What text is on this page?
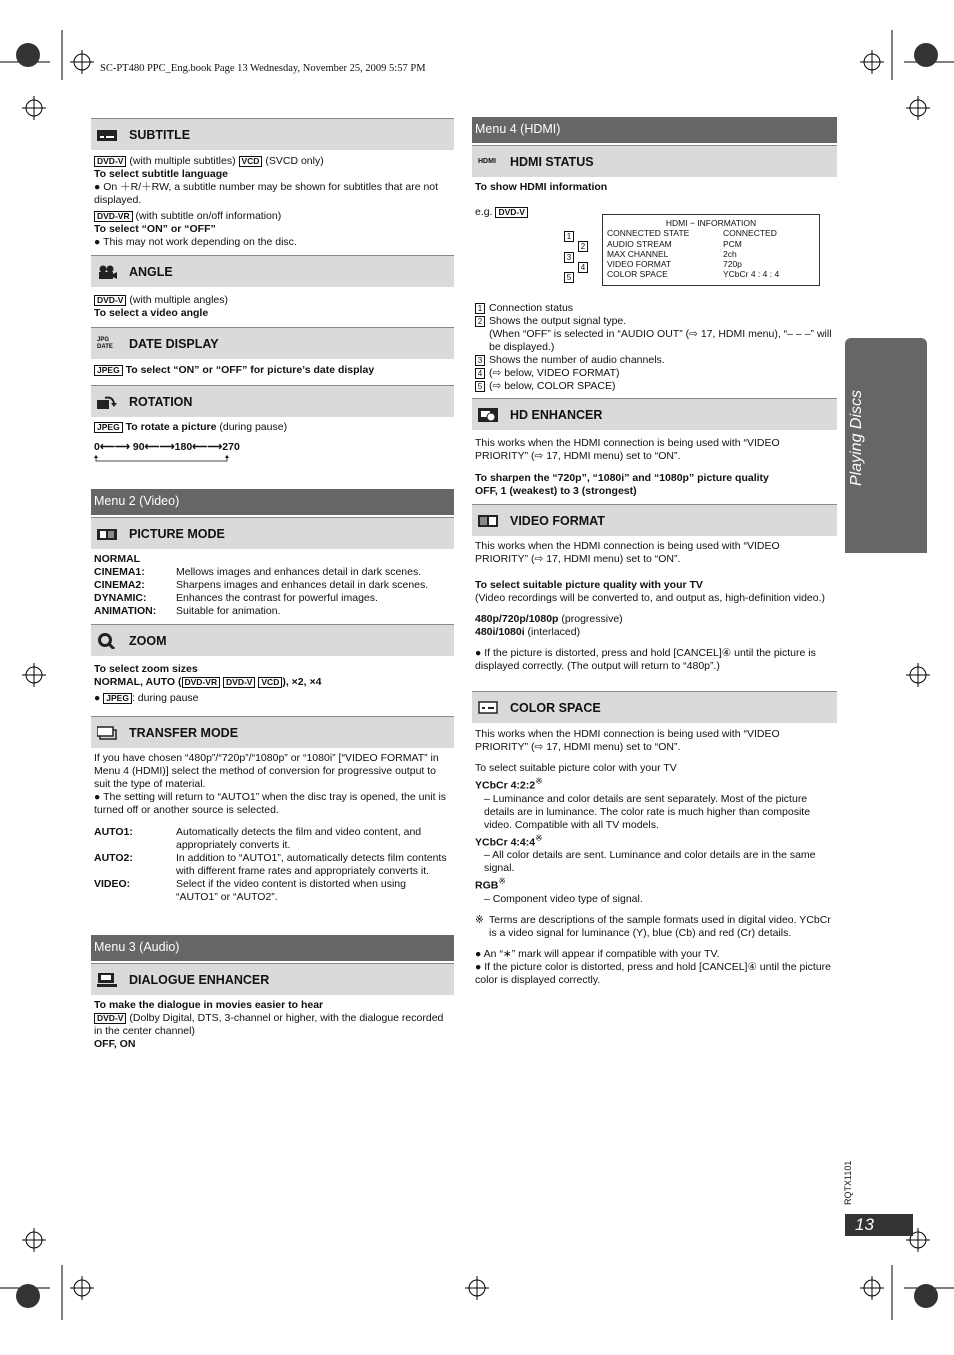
SC-PT480 PPC_Eng.book Page 13 Wednesday, November 25, 2009 5:57 PM
SUBTITLE
DVD-V (with multiple subtitles) VCD (SVCD only)
To select subtitle language
● On ＋R/＋RW, a subtitle number may be shown for subtitles that are not displayed.
DVD-VR (with subtitle on/off information)
To select “ON” or “OFF”
● This may not work depending on the disc.
ANGLE
DVD-V (with multiple angles)
To select a video angle
JPG DATE	DATE DISPLAY
JPEG To select “ON” or “OFF” for picture’s date display
ROTATION
JPEG To rotate a picture (during pause)
0⟵⟶ 90⟵⟶180⟵⟶270
Menu 2 (Video)
PICTURE MODE
NORMAL
CINEMA1:	Mellows images and enhances detail in dark scenes.
CINEMA2:	Sharpens images and enhances detail in dark scenes.
DYNAMIC:	Enhances the contrast for powerful images.
ANIMATION:	Suitable for animation.
ZOOM
To select zoom sizes
NORMAL, AUTO ( DVD-VR DVD-V VCD ), ×2, ×4
● JPEG : during pause
TRANSFER MODE
If you have chosen “480p”/“720p”/“1080p” or “1080i” [“VIDEO FORMAT” in Menu 4 (HDMI)] select the method of conversion for progressive output to suit the type of material.
● The setting will return to “AUTO1” when the disc tray is opened, the unit is turned off or another source is selected.
AUTO1:	Automatically detects the film and video content, and appropriately converts it.
AUTO2:	In addition to “AUTO1”, automatically detects film contents with different frame rates and appropriately converts it.
VIDEO:	Select if the video content is distorted when using “AUTO1” or “AUTO2”.
Menu 3 (Audio)
DIALOGUE ENHANCER
To make the dialogue in movies easier to hear
DVD-V (Dolby Digital, DTS, 3-channel or higher, with the dialogue recorded in the center channel)
OFF, ON
Menu 4 (HDMI)
HDMI HDMI STATUS
To show HDMI information
e.g. DVD-V
HDMI − INFORMATION
CONNECTED STATE	CONNECTED
AUDIO STREAM	PCM
MAX CHANNEL	2ch
VIDEO FORMAT	720p
COLOR SPACE	YCbCr 4 : 4 : 4
1
2
3
4
5
1 Connection status
2 Shows the output signal type.
(When “OFF” is selected in “AUDIO OUT” (⇨ 17, HDMI menu), “– – –” will be displayed.)
3 Shows the number of audio channels.
4 (⇨ below, VIDEO FORMAT)
5 (⇨ below, COLOR SPACE)
HD ENHANCER
This works when the HDMI connection is being used with “VIDEO PRIORITY” (⇨ 17, HDMI menu) set to “ON”.
To sharpen the “720p”, “1080i” and “1080p” picture quality
OFF, 1 (weakest) to 3 (strongest)
VIDEO FORMAT
This works when the HDMI connection is being used with “VIDEO PRIORITY” (⇨ 17, HDMI menu) set to “ON”.
To select suitable picture quality with your TV
(Video recordings will be converted to, and output as, high-definition video.)
480p/720p/1080p (progressive)
480i/1080i (interlaced)
● If the picture is distorted, press and hold [CANCEL]④ until the picture is displayed correctly. (The output will return to “480p”.)
COLOR SPACE
This works when the HDMI connection is being used with “VIDEO PRIORITY” (⇨ 17, HDMI menu) set to “ON”.
To select suitable picture color with your TV
YCbCr 4:2:2※
– Luminance and color details are sent separately. Most of the picture details are in luminance. The color rate is much higher than composite video. Compatible with all TV models.
YCbCr 4:4:4※
– All color details are sent. Luminance and color details are in the same signal.
RGB※
– Component video type of signal.
※ Terms are descriptions of the sample formats used in digital video. YCbCr is a video signal for luminance (Y), blue (Cb) and red (Cr) details.
● An “∗” mark will appear if compatible with your TV.
● If the picture color is distorted, press and hold [CANCEL]④ until the picture color is displayed correctly.
Playing Discs
RQTX1101
13
